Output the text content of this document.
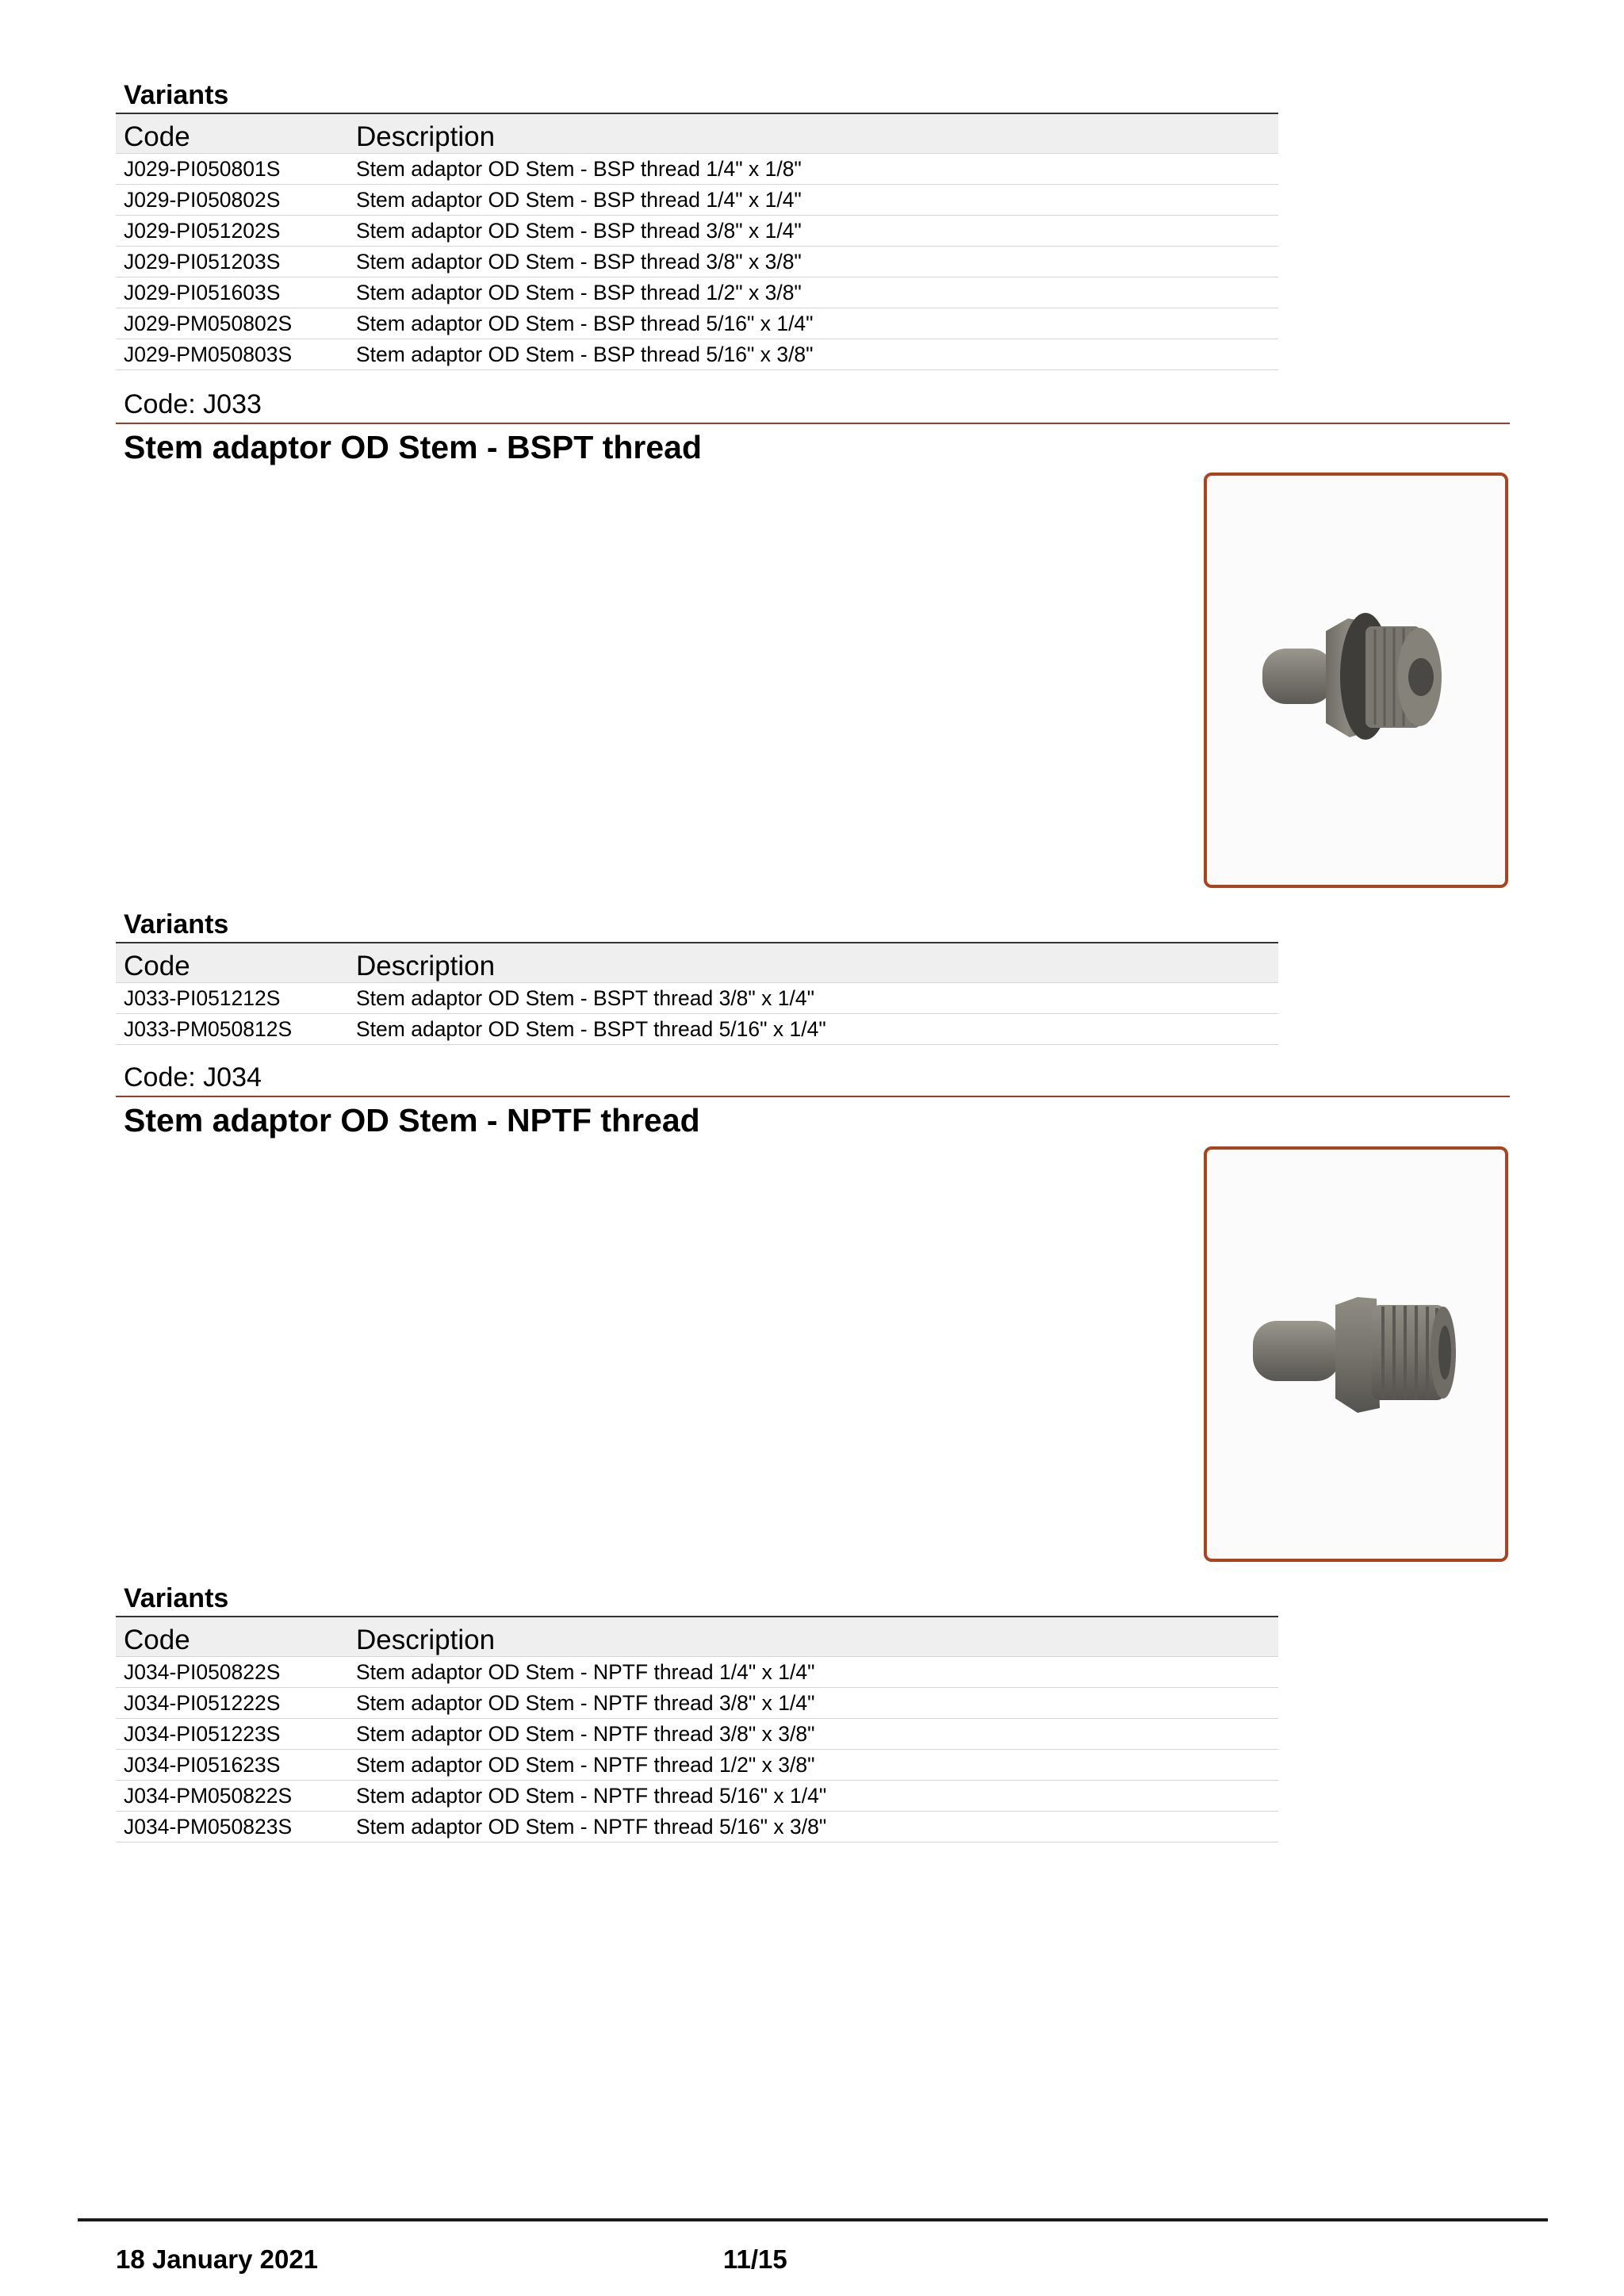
Variants
Code	Description
J029-PI050801S	Stem adaptor OD Stem - BSP thread 1/4" x 1/8"
J029-PI050802S	Stem adaptor OD Stem - BSP thread 1/4" x 1/4"
J029-PI051202S	Stem adaptor OD Stem - BSP thread 3/8" x 1/4"
J029-PI051203S	Stem adaptor OD Stem - BSP thread 3/8" x 3/8"
J029-PI051603S	Stem adaptor OD Stem - BSP thread 1/2" x 3/8"
J029-PM050802S	Stem adaptor OD Stem - BSP thread 5/16" x 1/4"
J029-PM050803S	Stem adaptor OD Stem - BSP thread 5/16" x 3/8"
Code: J033
Stem adaptor OD Stem - BSPT thread
Variants
Code	Description
J033-PI051212S	Stem adaptor OD Stem - BSPT thread 3/8" x 1/4"
J033-PM050812S	Stem adaptor OD Stem - BSPT thread 5/16" x 1/4"
Code: J034
Stem adaptor OD Stem - NPTF thread
Variants
Code	Description
J034-PI050822S	Stem adaptor OD Stem - NPTF thread 1/4" x 1/4"
J034-PI051222S	Stem adaptor OD Stem - NPTF thread 3/8" x 1/4"
J034-PI051223S	Stem adaptor OD Stem - NPTF thread 3/8" x 3/8"
J034-PI051623S	Stem adaptor OD Stem - NPTF thread 1/2" x 3/8"
J034-PM050822S	Stem adaptor OD Stem - NPTF thread 5/16" x 1/4"
J034-PM050823S	Stem adaptor OD Stem - NPTF thread 5/16" x 3/8"
18 January 2021	11/15
